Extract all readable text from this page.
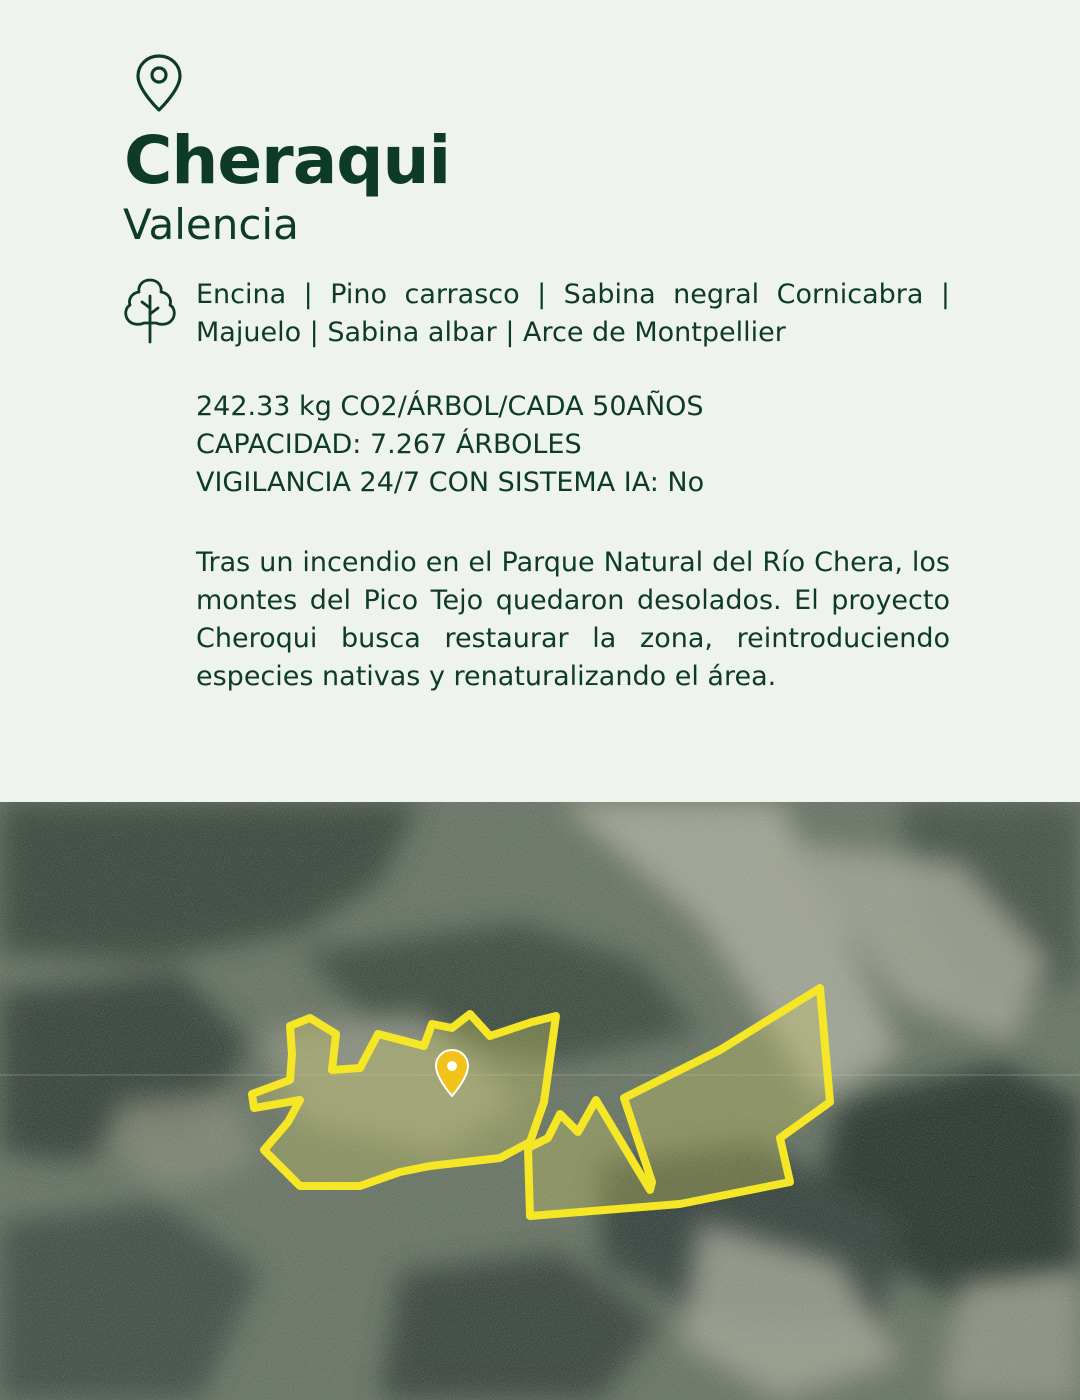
Cheraqui
Valencia
Encina | Pino carrasco | Sabina negral Cornicabra | Majuelo | Sabina albar | Arce de Montpellier
242.33 kg CO2/ÁRBOL/CADA 50AÑOS
CAPACIDAD: 7.267 ÁRBOLES
VIGILANCIA 24/7 CON SISTEMA IA: No
Tras un incendio en el Parque Natural del Río Chera, los montes del Pico Tejo quedaron desolados. El proyecto Cheroqui busca restaurar la zona, reintroduciendo especies nativas y renaturalizando el área.
